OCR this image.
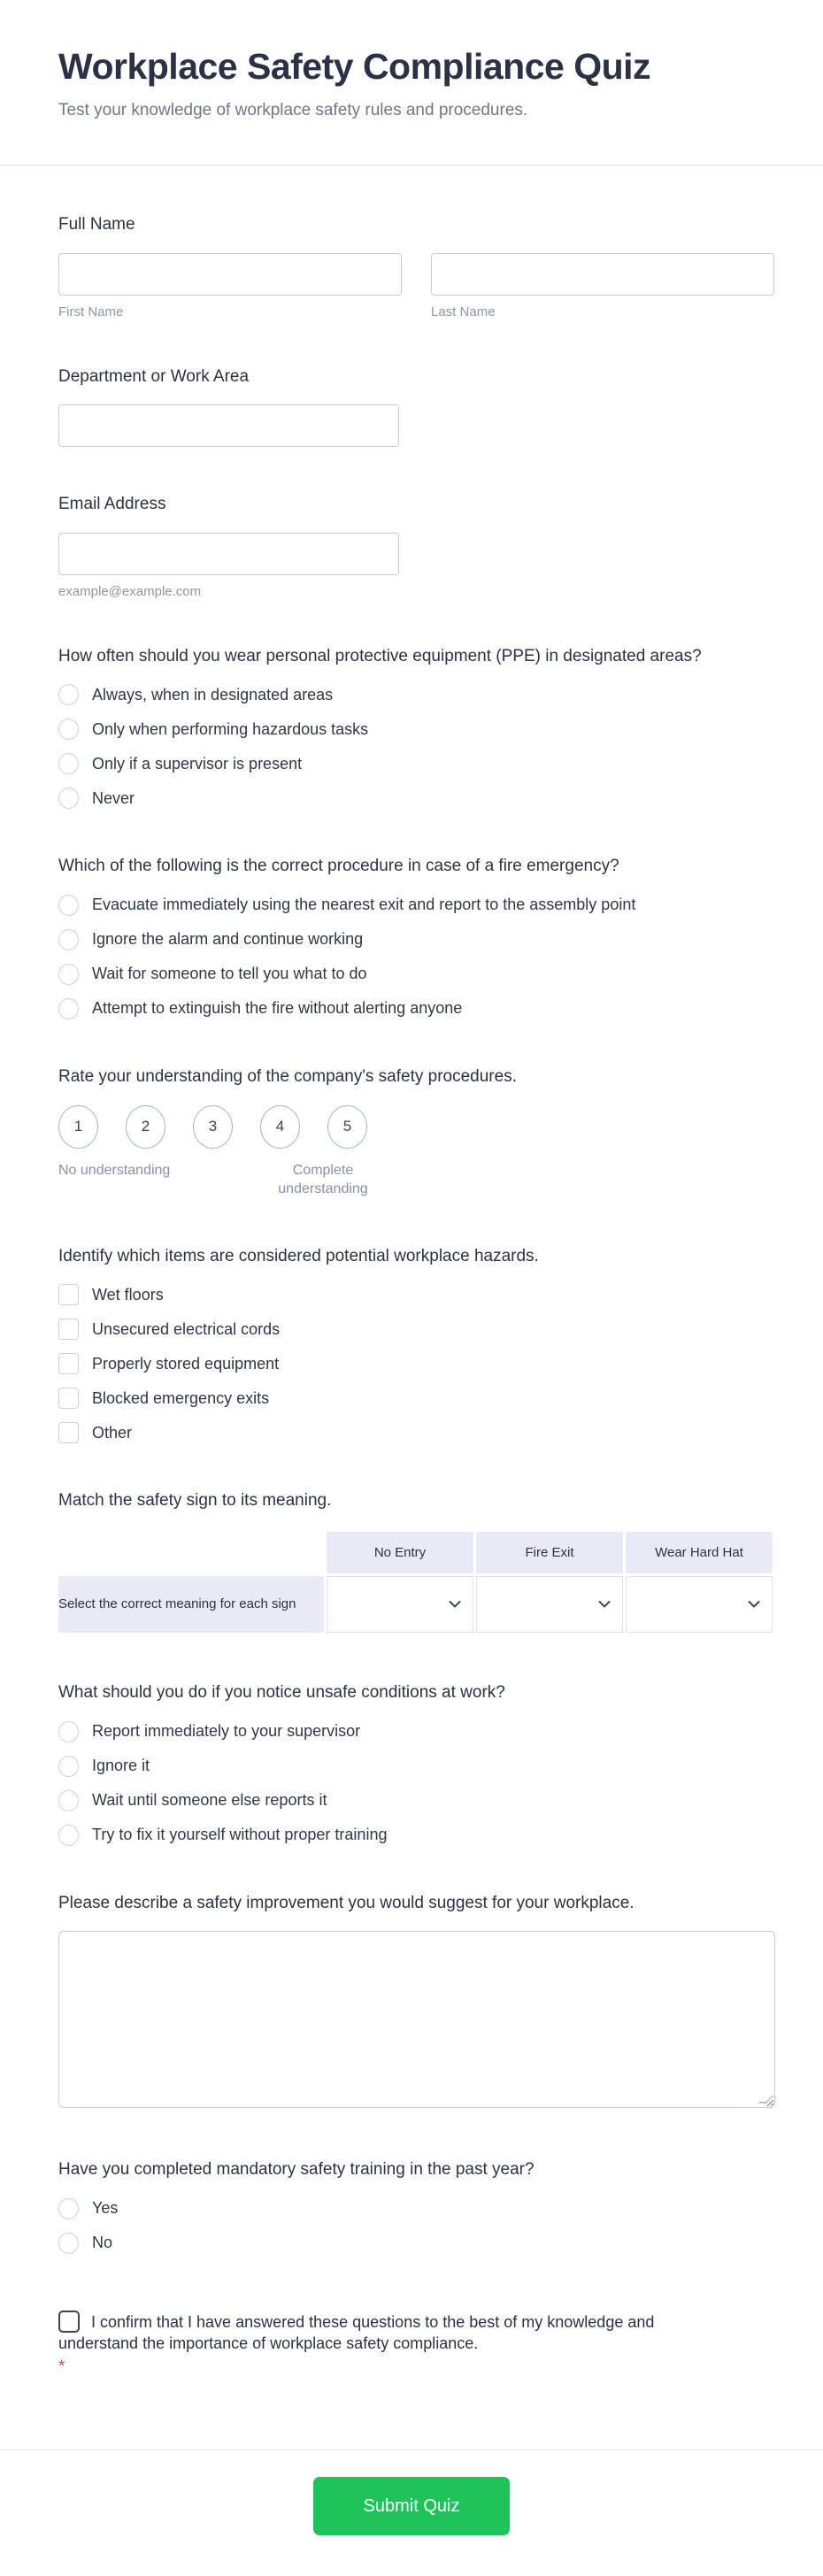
Workplace Safety Compliance Quiz

Test your knowledge of workplace safety rules and procedures.

Full Name
First Name	Last Name
Department or Work Area
Email Address
example@example.com
How often should you wear personal protective equipment (PPE) in designated areas?
Always, when in designated areas
Only when performing hazardous tasks
Only if a supervisor is present
Never
Which of the following is the correct procedure in case of a fire emergency?
Evacuate immediately using the nearest exit and report to the assembly point
Ignore the alarm and continue working
Wait for someone to tell you what to do
Attempt to extinguish the fire without alerting anyone
Rate your understanding of the company's safety procedures.
1	2	3	4	5
No understanding	Complete understanding
Identify which items are considered potential workplace hazards.
Wet floors
Unsecured electrical cords
Properly stored equipment
Blocked emergency exits
Other
Match the safety sign to its meaning.
	No Entry	Fire Exit	Wear Hard Hat
Select the correct meaning for each sign	

What should you do if you notice unsafe conditions at work?
Report immediately to your supervisor
Ignore it
Wait until someone else reports it
Try to fix it yourself without proper training
Please describe a safety improvement you would suggest for your workplace.
Have you completed mandatory safety training in the past year?
Yes
No
I confirm that I have answered these questions to the best of my knowledge and understand the importance of workplace safety compliance.
*
Submit Quiz
